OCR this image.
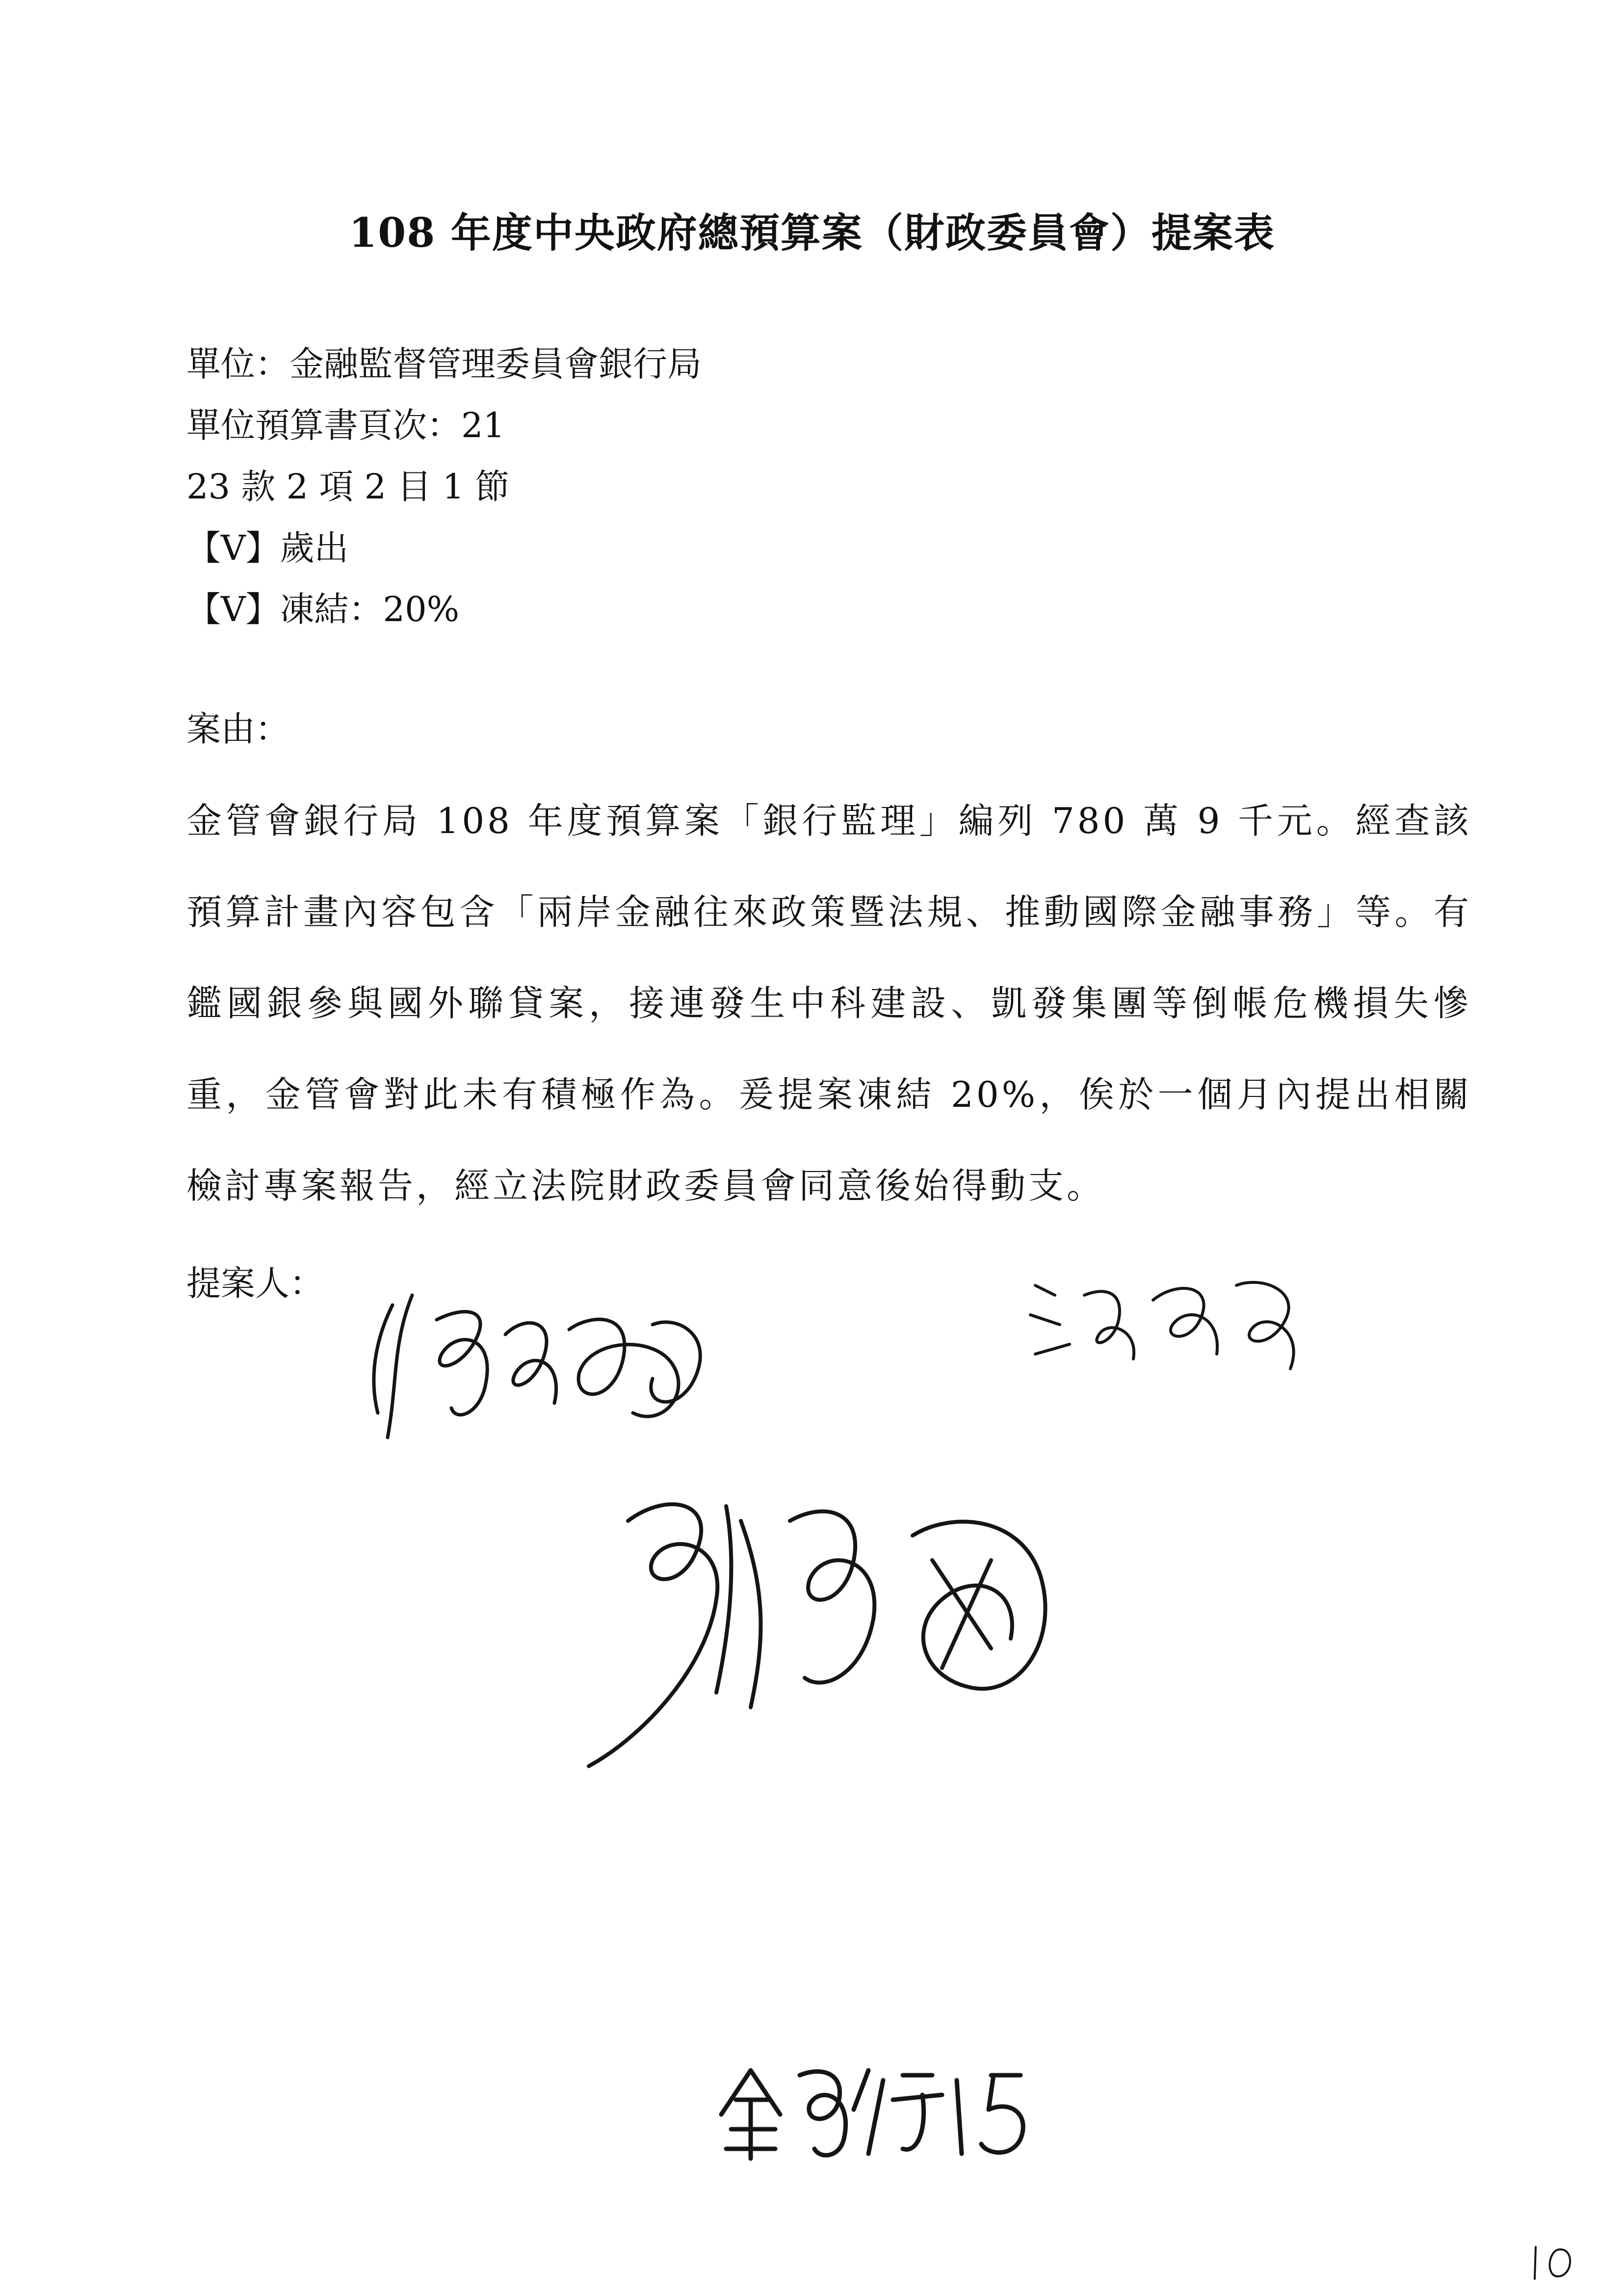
108 年度中央政府總預算案（財政委員會）提案表
單位：金融監督管理委員會銀行局
單位預算書頁次：21
23 款 2 項 2 目 1 節
【V】歲出
【V】凍結：20%
案由：
金管會銀行局 108 年度預算案「銀行監理」編列 780 萬 9 千元。經查該預算計畫內容包含「兩岸金融往來政策暨法規、推動國際金融事務」等。有鑑國銀參與國外聯貸案，接連發生中科建設、凱發集團等倒帳危機損失慘重，金管會對此未有積極作為。爰提案凍結 20%，俟於一個月內提出相關檢討專案報告，經立法院財政委員會同意後始得動支。
提案人：
